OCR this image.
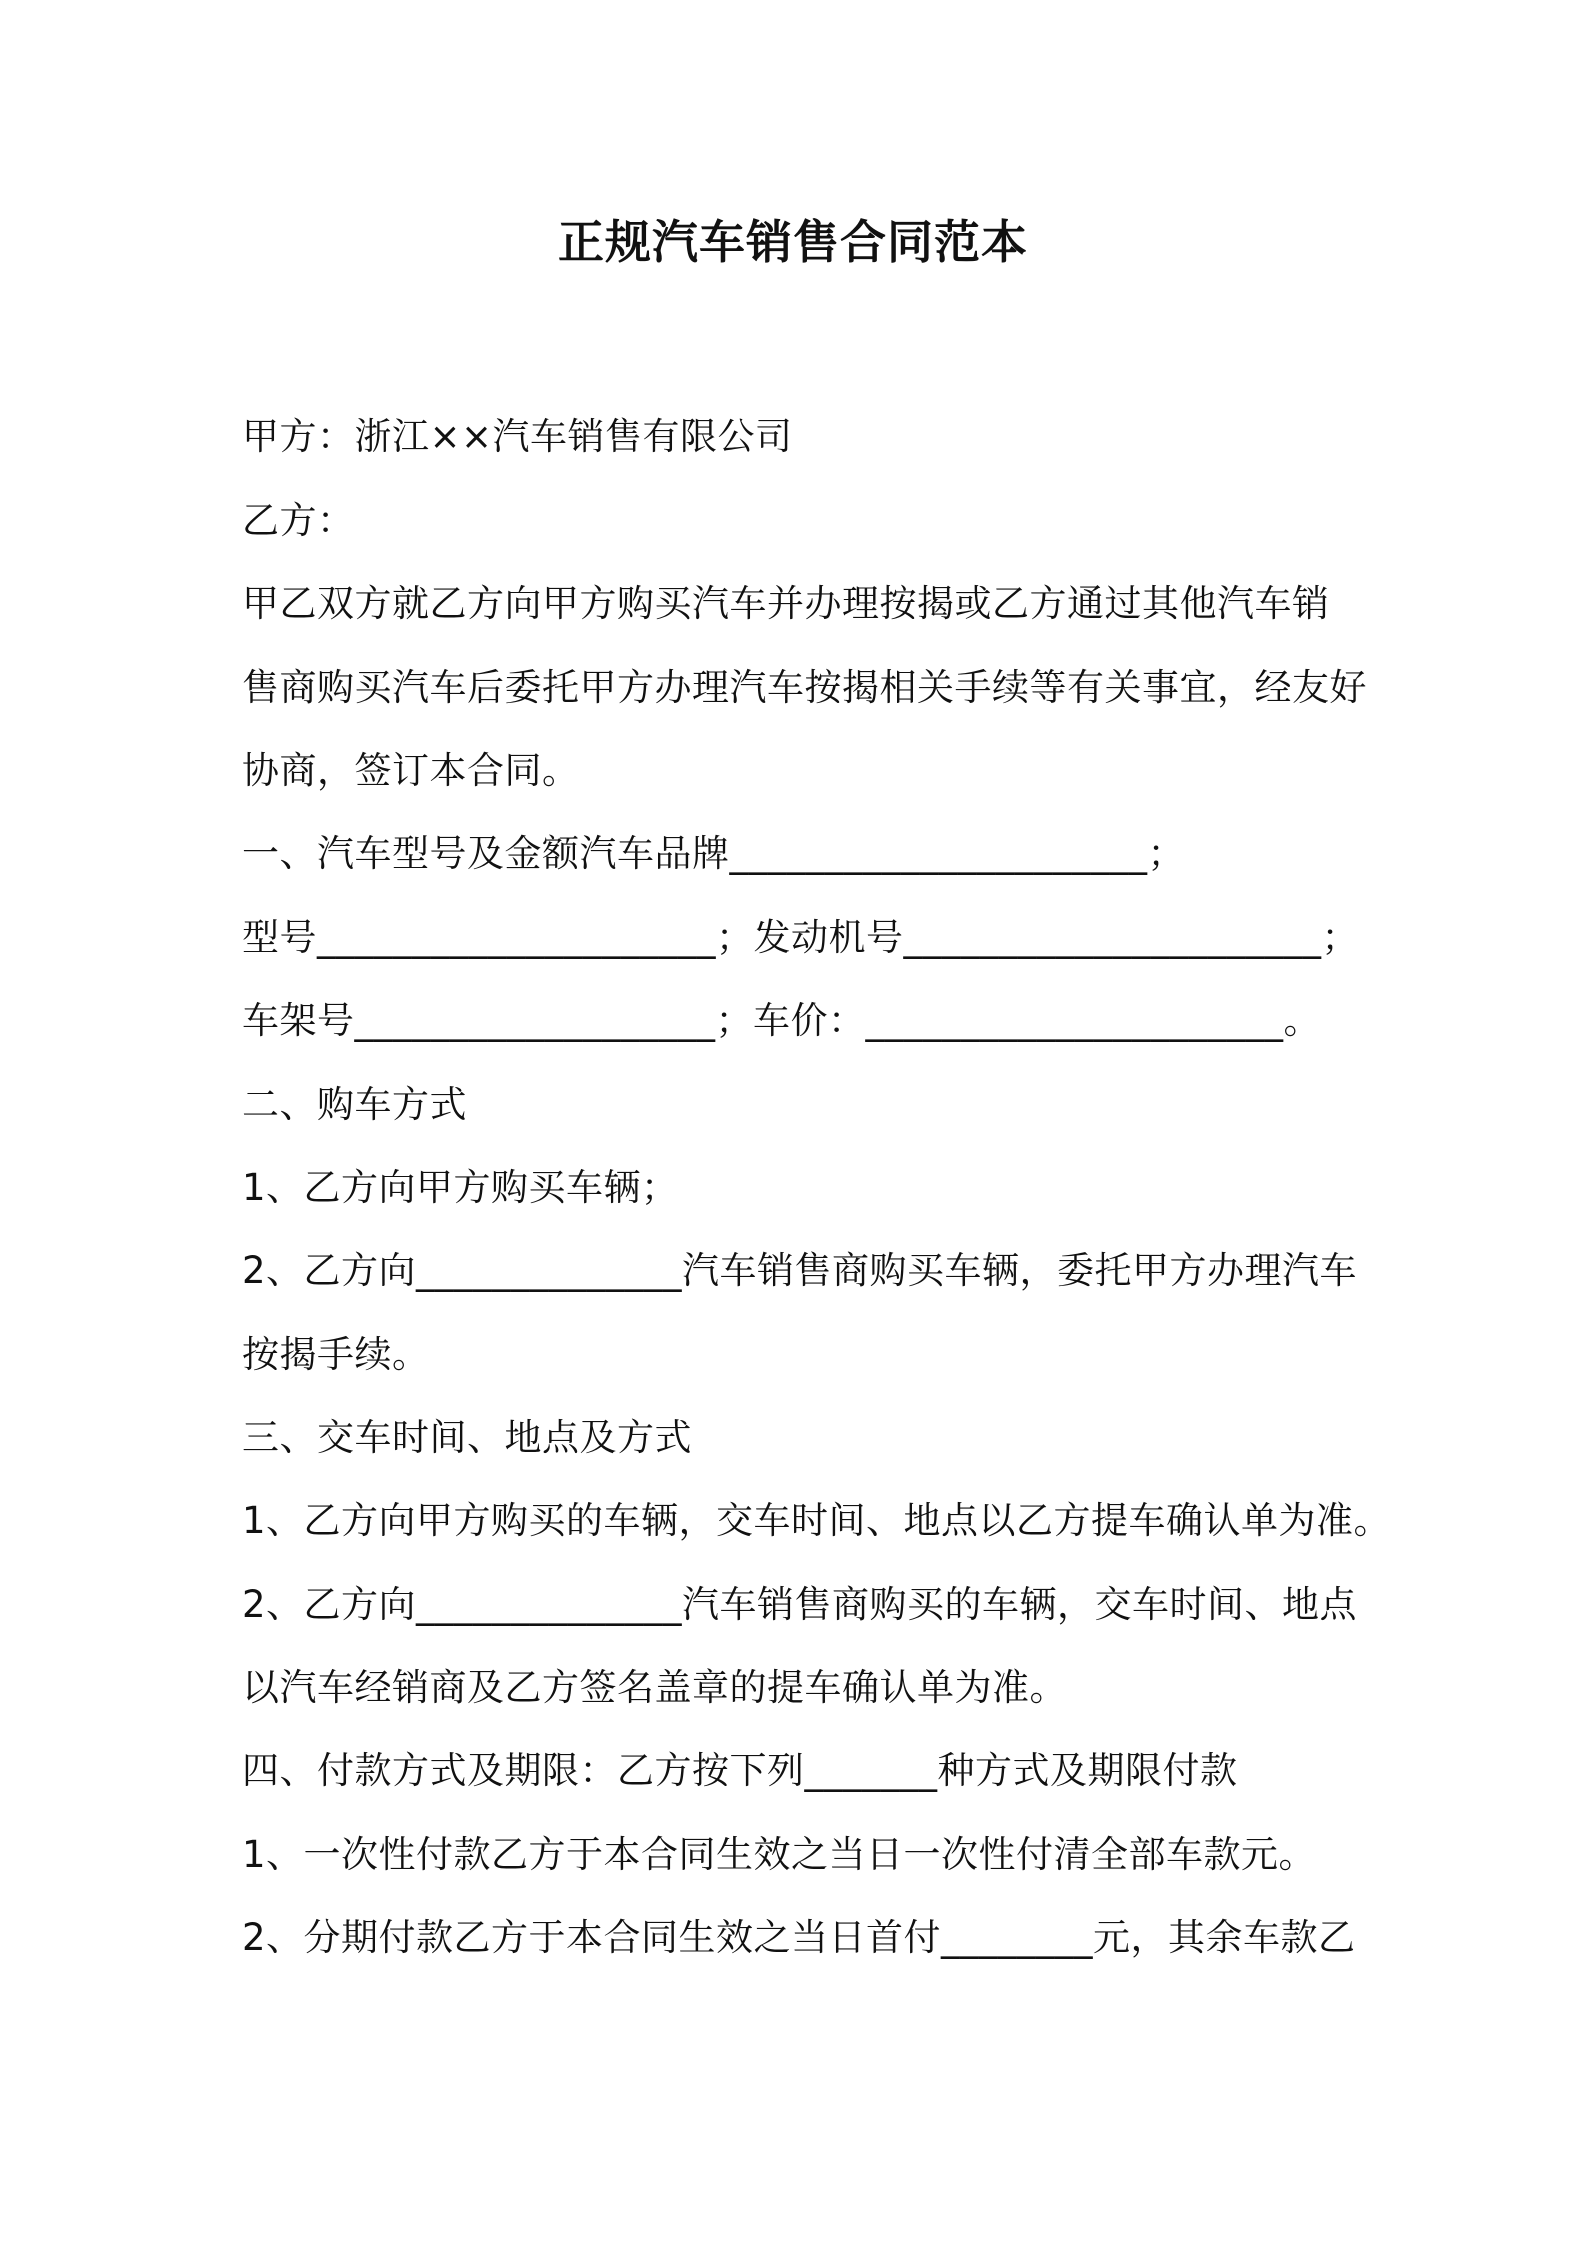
正规汽车销售合同范本
甲方：浙江××汽车销售有限公司
乙方：
甲乙双方就乙方向甲方购买汽车并办理按揭或乙方通过其他汽车销
售商购买汽车后委托甲方办理汽车按揭相关手续等有关事宜，经友好
协商，签订本合同。
一、汽车型号及金额汽车品牌______________________；
型号_____________________；发动机号______________________；
车架号___________________；车价：______________________。
二、购车方式
1、乙方向甲方购买车辆；
2、乙方向______________汽车销售商购买车辆，委托甲方办理汽车
按揭手续。
三、交车时间、地点及方式
1、乙方向甲方购买的车辆，交车时间、地点以乙方提车确认单为准。
2、乙方向______________汽车销售商购买的车辆，交车时间、地点
以汽车经销商及乙方签名盖章的提车确认单为准。
四、付款方式及期限：乙方按下列_______种方式及期限付款
1、一次性付款乙方于本合同生效之当日一次性付清全部车款元。
2、分期付款乙方于本合同生效之当日首付________元，其余车款乙
